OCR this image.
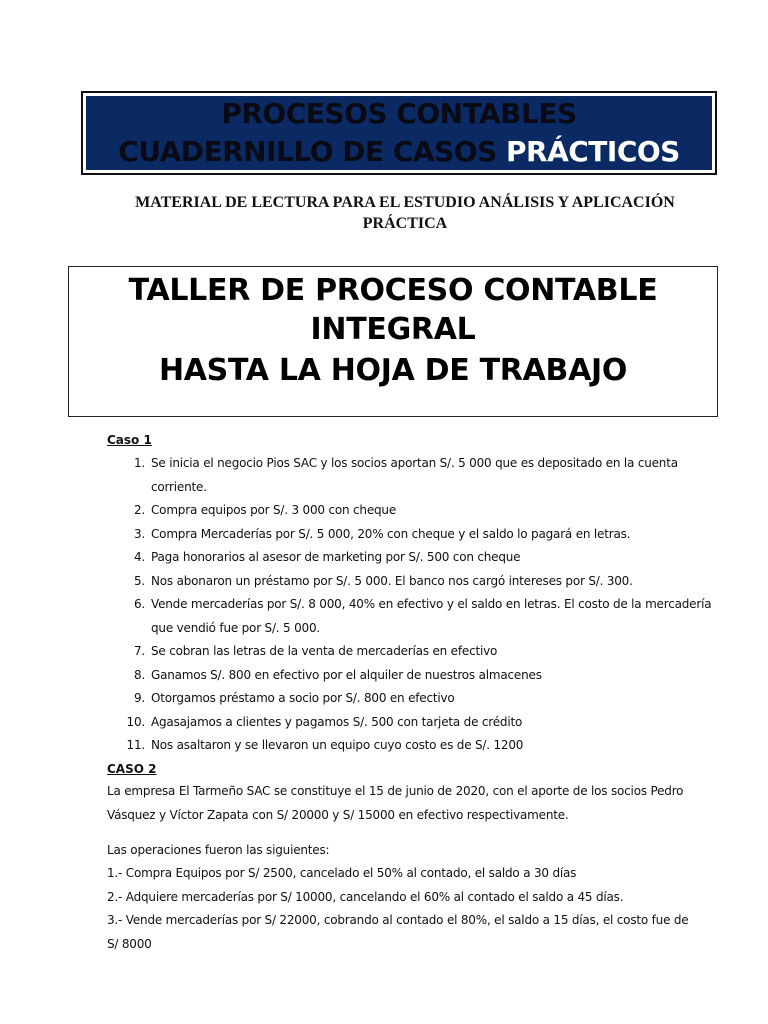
PROCESOS CONTABLES
CUADERNILLO DE CASOS PRÁCTICOS
MATERIAL DE LECTURA PARA EL ESTUDIO ANÁLISIS Y APLICACIÓN PRÁCTICA
TALLER DE PROCESO CONTABLE
INTEGRAL
HASTA LA HOJA DE TRABAJO
Caso 1
1. Se inicia el negocio Pios SAC y los socios aportan S/. 5 000 que es depositado en la cuenta corriente.
2. Compra equipos por S/. 3 000 con cheque
3. Compra Mercaderías por S/. 5 000, 20% con cheque y el saldo lo pagará en letras.
4. Paga honorarios al asesor de marketing por S/. 500 con cheque
5. Nos abonaron un préstamo por S/. 5 000. El banco nos cargó intereses por S/. 300.
6. Vende mercaderías por S/. 8 000, 40% en efectivo y el saldo en letras. El costo de la mercadería que vendió fue por S/. 5 000.
7. Se cobran las letras de la venta de mercaderías en efectivo
8. Ganamos S/. 800 en efectivo por el alquiler de nuestros almacenes
9. Otorgamos préstamo a socio por S/. 800 en efectivo
10. Agasajamos a clientes y pagamos S/. 500 con tarjeta de crédito
11. Nos asaltaron y se llevaron un equipo cuyo costo es de S/. 1200
CASO 2

La empresa El Tarmeño SAC se constituye el 15 de junio de 2020, con el aporte de los socios Pedro Vásquez y Víctor Zapata con S/ 20000 y S/ 15000 en efectivo respectivamente.

Las operaciones fueron las siguientes:

1.- Compra Equipos por S/ 2500, cancelado el 50% al contado, el saldo a 30 días
2.- Adquiere mercaderías por S/ 10000, cancelando el 60% al contado el saldo a 45 días.
3.- Vende mercaderías por S/ 22000, cobrando al contado el 80%, el saldo a 15 días, el costo fue de S/ 8000
